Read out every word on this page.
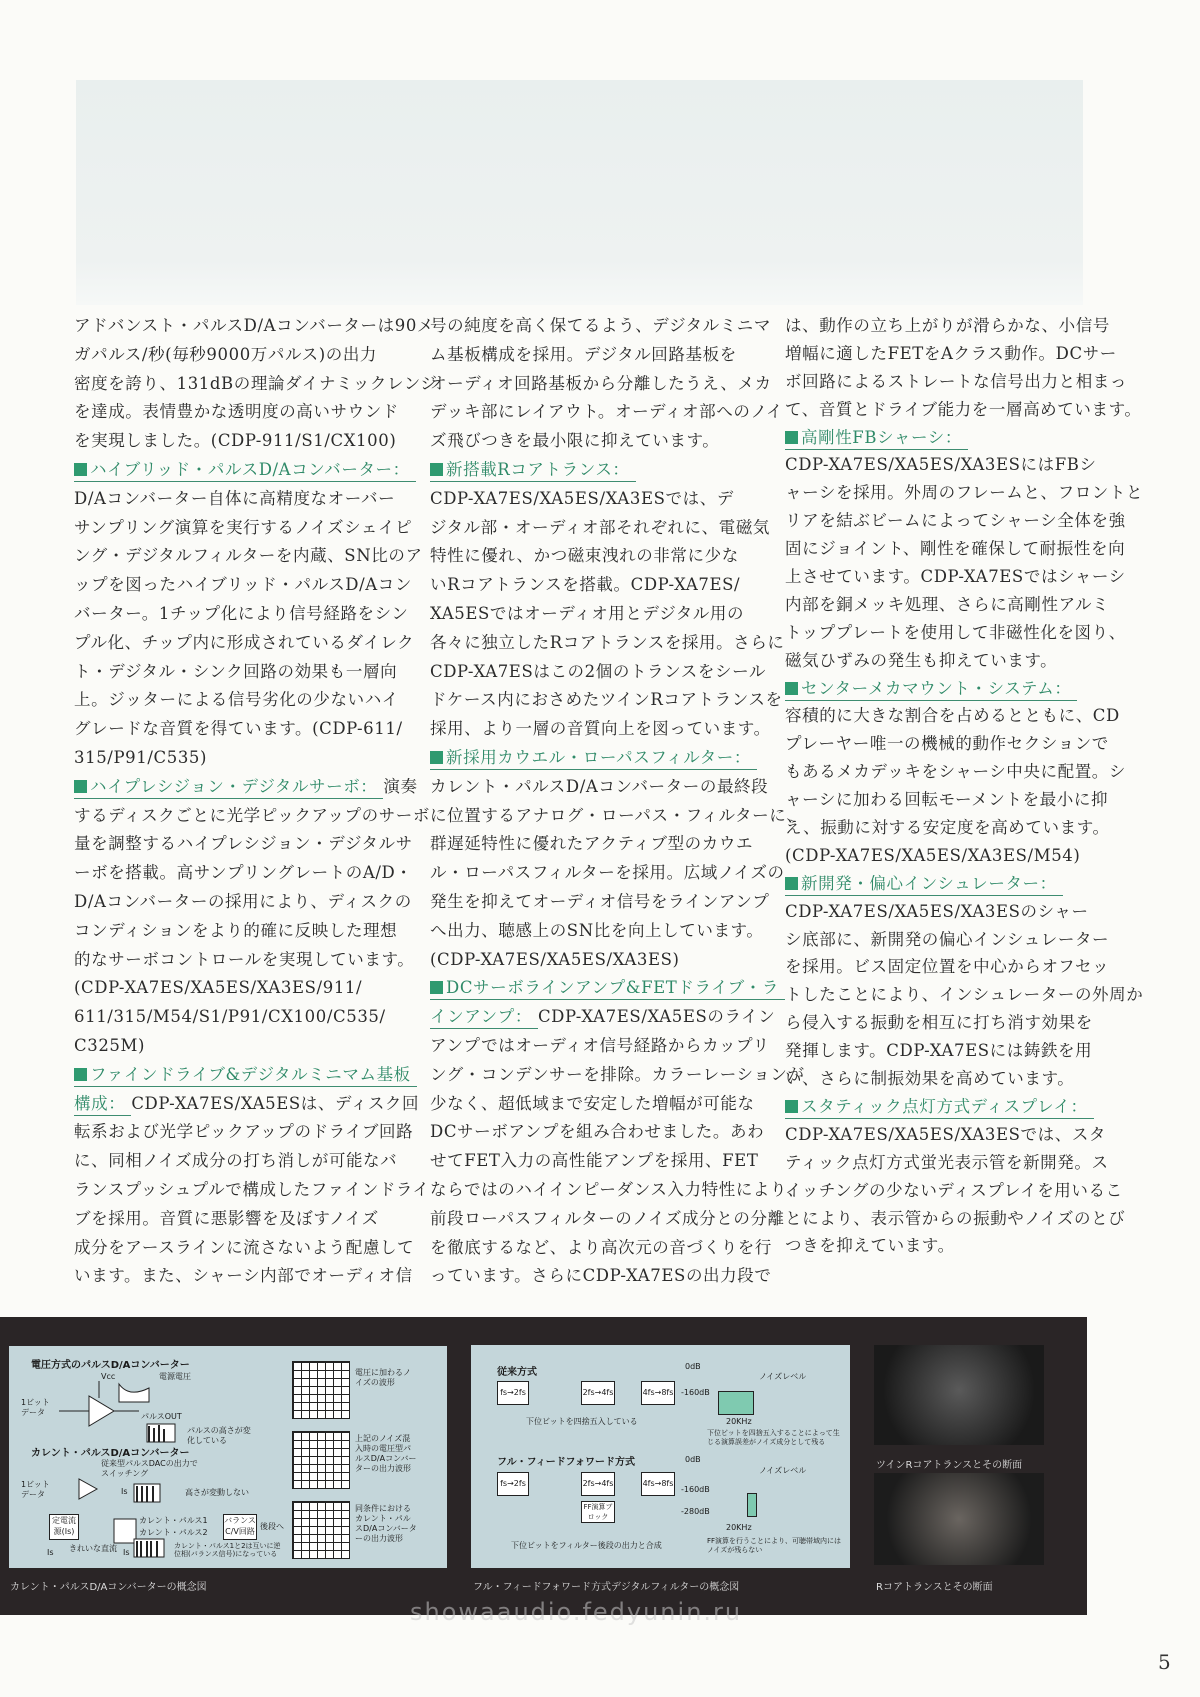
アドバンスト・パルスD/Aコンバーターは90メ
ガパルス/秒(毎秒9000万パルス)の出力
密度を誇り、131dBの理論ダイナミックレンジ
を達成。表情豊かな透明度の高いサウンド
を実現しました。(CDP-911/S1/CX100)
ハイブリッド・パルスD/Aコンバーター：
D/Aコンバーター自体に高精度なオーバー
サンプリング演算を実行するノイズシェイピ
ング・デジタルフィルターを内蔵、SN比のア
ップを図ったハイブリッド・パルスD/Aコン
バーター。1チップ化により信号経路をシン
プル化、チップ内に形成されているダイレク
ト・デジタル・シンク回路の効果も一層向
上。ジッターによる信号劣化の少ないハイ
グレードな音質を得ています。(CDP-611/
315/P91/C535)
ハイプレシジョン・デジタルサーボ： 演奏
するディスクごとに光学ピックアップのサーボ
量を調整するハイプレシジョン・デジタルサ
ーボを搭載。高サンプリングレートのA/D・
D/Aコンバーターの採用により、ディスクの
コンディションをより的確に反映した理想
的なサーボコントロールを実現しています。
(CDP-XA7ES/XA5ES/XA3ES/911/
611/315/M54/S1/P91/CX100/C535/
C325M)
ファインドライブ&デジタルミニマム基板
構成： CDP-XA7ES/XA5ESは、ディスク回
転系および光学ピックアップのドライブ回路
に、同相ノイズ成分の打ち消しが可能なバ
ランスプッシュプルで構成したファインドライ
ブを採用。音質に悪影響を及ぼすノイズ
成分をアースラインに流さないよう配慮して
います。また、シャーシ内部でオーディオ信
号の純度を高く保てるよう、デジタルミニマ
ム基板構成を採用。デジタル回路基板を
オーディオ回路基板から分離したうえ、メカ
デッキ部にレイアウト。オーディオ部へのノイ
ズ飛びつきを最小限に抑えています。
新搭載Rコアトランス：
CDP-XA7ES/XA5ES/XA3ESでは、デ
ジタル部・オーディオ部それぞれに、電磁気
特性に優れ、かつ磁束洩れの非常に少な
いRコアトランスを搭載。CDP-XA7ES/
XA5ESではオーディオ用とデジタル用の
各々に独立したRコアトランスを採用。さらに
CDP-XA7ESはこの2個のトランスをシール
ドケース内におさめたツインRコアトランスを
採用、より一層の音質向上を図っています。
新採用カウエル・ローパスフィルター：
カレント・パルスD/Aコンバーターの最終段
に位置するアナログ・ローパス・フィルターに、
群遅延特性に優れたアクティブ型のカウエ
ル・ローパスフィルターを採用。広域ノイズの
発生を抑えてオーディオ信号をラインアンプ
へ出力、聴感上のSN比を向上しています。
(CDP-XA7ES/XA5ES/XA3ES)
DCサーボラインアンプ&FETドライブ・ラ
インアンプ： CDP-XA7ES/XA5ESのライン
アンプではオーディオ信号経路からカップリ
ング・コンデンサーを排除。カラーレーションが
少なく、超低域まで安定した増幅が可能な
DCサーボアンプを組み合わせました。あわ
せてFET入力の高性能アンプを採用、FET
ならではのハイインピーダンス入力特性により、
前段ローパスフィルターのノイズ成分との分離
を徹底するなど、より高次元の音づくりを行
っています。さらにCDP-XA7ESの出力段で
は、動作の立ち上がりが滑らかな、小信号
増幅に適したFETをAクラス動作。DCサー
ボ回路によるストレートな信号出力と相まっ
て、音質とドライブ能力を一層高めています。
高剛性FBシャーシ：
CDP-XA7ES/XA5ES/XA3ESにはFBシ
ャーシを採用。外周のフレームと、フロントと
リアを結ぶビームによってシャーシ全体を強
固にジョイント、剛性を確保して耐振性を向
上させています。CDP-XA7ESではシャーシ
内部を銅メッキ処理、さらに高剛性アルミ
トッププレートを使用して非磁性化を図り、
磁気ひずみの発生も抑えています。
センターメカマウント・システム：
容積的に大きな割合を占めるとともに、CD
プレーヤー唯一の機械的動作セクションで
もあるメカデッキをシャーシ中央に配置。シ
ャーシに加わる回転モーメントを最小に抑
え、振動に対する安定度を高めています。
(CDP-XA7ES/XA5ES/XA3ES/M54)
新開発・偏心インシュレーター：
CDP-XA7ES/XA5ES/XA3ESのシャー
シ底部に、新開発の偏心インシュレーター
を採用。ビス固定位置を中心からオフセッ
トしたことにより、インシュレーターの外周か
ら侵入する振動を相互に打ち消す効果を
発揮します。CDP-XA7ESには鋳鉄を用
い、さらに制振効果を高めています。
スタティック点灯方式ディスプレイ：
CDP-XA7ES/XA5ES/XA3ESでは、スタ
ティック点灯方式蛍光表示管を新開発。ス
イッチングの少ないディスプレイを用いるこ
とにより、表示管からの振動やノイズのとび
つきを抑えています。
電圧方式のパルスD/Aコンバーター
Vcc	電源電圧
1ビットデータ	パルスOUT
パルスの高さが変化している
カレント・パルスD/Aコンバーター
従来型パルスDACの出力でスイッチング
1ビットデータ	Is	高さが変動しない
定電流源(Is)
カレント・パルス1
カレント・パルス2
バランスC/V回路
後段へ
きれいな直流
Is	Is
カレント・パルス1と2は互いに逆位相(バランス信号)になっている
電圧に加わるノイズの波形
上記のノイズ混入時の電圧型パルスD/Aコンバーターの出力波形
同条件におけるカレント・パルスD/Aコンバーターの出力波形
カレント・パルスD/Aコンバーターの概念図
従来方式
fs→2fs	2fs→4fs	4fs→8fs
下位ビットを四捨五入している
0dB
-160dB
ノイズレベル
20KHz
下位ビットを四捨五入することによって生じる演算誤差がノイズ成分として残る
フル・フィードフォワード方式
fs→2fs	2fs→4fs
FF演算ブロック
4fs→8fs
下位ビットをフィルター後段の出力と合成
0dB
-160dB
-280dB
ノイズレベル
20KHz
FF演算を行うことにより、可聴帯域内にはノイズが残らない
フル・フィードフォワード方式デジタルフィルターの概念図
ツインRコアトランスとその断面
Rコアトランスとその断面
showaaudio.fedyunin.ru
5
